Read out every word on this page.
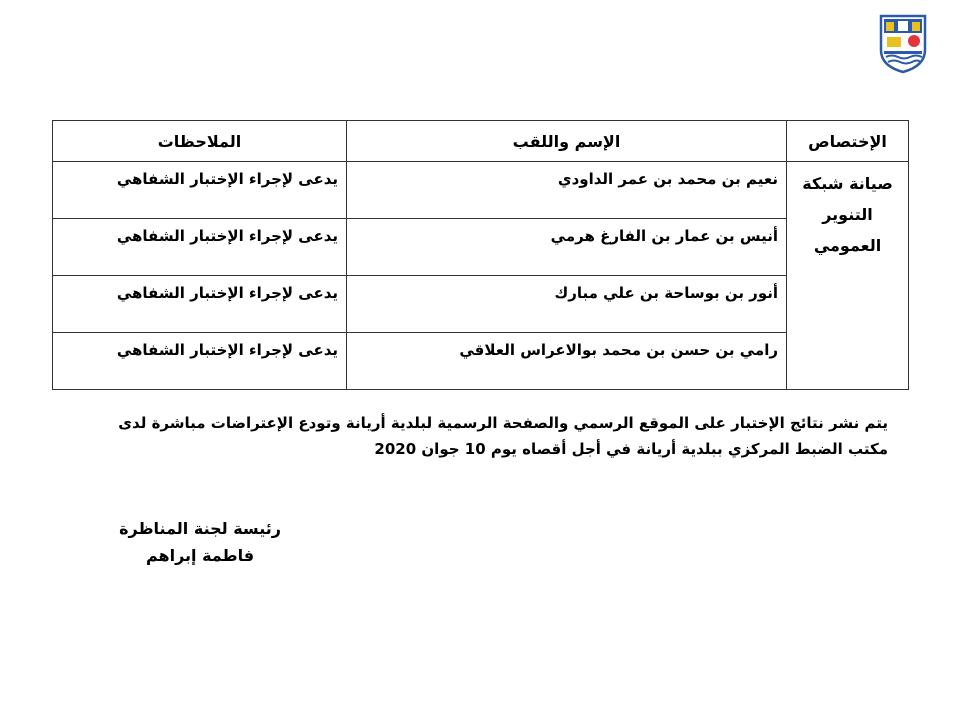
الإختصاص	الإسم واللقب	الملاحظات
صيانة شبكة التنوير العمومي	نعيم بن محمد بن عمر الداودي	يدعى لإجراء الإختبار الشفاهي
	أنيس بن عمار بن الفارغ هرمي	يدعى لإجراء الإختبار الشفاهي
	أنور بن بوساحة بن علي مبارك	يدعى لإجراء الإختبار الشفاهي
	رامي بن حسن بن محمد بوالاعراس العلاقي	يدعى لإجراء الإختبار الشفاهي
يتم نشر نتائج الإختبار على الموقع الرسمي والصفحة الرسمية لبلدية أريانة وتودع الإعتراضات مباشرة لدى
مكتب الضبط المركزي ببلدية أريانة في أجل أقصاه يوم 10 جوان 2020
رئيسة لجنة المناظرة
فاطمة إبراهم
